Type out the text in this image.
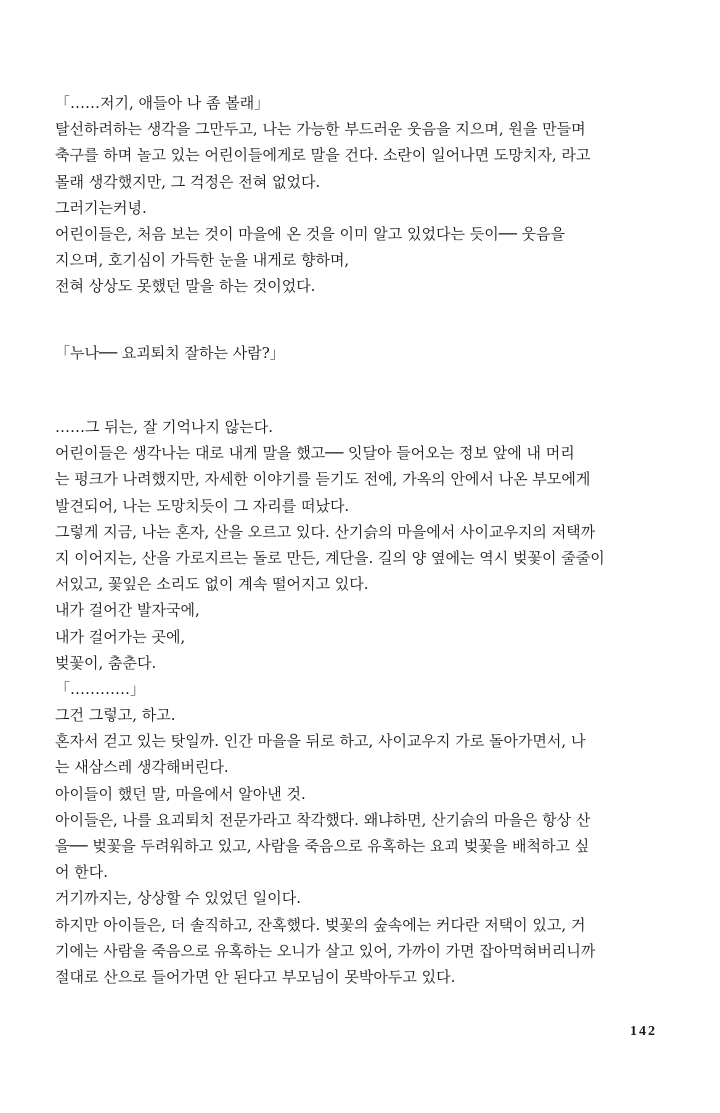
「……저기, 애들아 나 좀 볼래」
탈선하려하는 생각을 그만두고, 나는 가능한 부드러운 웃음을 지으며, 원을 만들며
축구를 하며 놀고 있는 어린이들에게로 말을 건다. 소란이 일어나면 도망치자, 라고
몰래 생각했지만, 그 걱정은 전혀 없었다.
그러기는커녕.
어린이들은, 처음 보는 것이 마을에 온 것을 이미 알고 있었다는 듯이── 웃음을
지으며, 호기심이 가득한 눈을 내게로 향하며,
전혀 상상도 못했던 말을 하는 것이었다.
「누나── 요괴퇴치 잘하는 사람?」
……그 뒤는, 잘 기억나지 않는다.
어린이들은 생각나는 대로 내게 말을 했고── 잇달아 들어오는 정보 앞에 내 머리
는 펑크가 나려했지만, 자세한 이야기를 듣기도 전에, 가옥의 안에서 나온 부모에게
발견되어, 나는 도망치듯이 그 자리를 떠났다.
그렇게 지금, 나는 혼자, 산을 오르고 있다. 산기슭의 마을에서 사이교우지의 저택까
지 이어지는, 산을 가로지르는 돌로 만든, 계단을. 길의 양 옆에는 역시 벚꽃이 줄줄이
서있고, 꽃잎은 소리도 없이 계속 떨어지고 있다.
내가 걸어간 발자국에,
내가 걸어가는 곳에,
벚꽃이, 춤춘다.
「…………」
그건 그렇고, 하고.
혼자서 걷고 있는 탓일까. 인간 마을을 뒤로 하고, 사이교우지 가로 돌아가면서, 나
는 새삼스레 생각해버린다.
아이들이 했던 말, 마을에서 알아낸 것.
아이들은, 나를 요괴퇴치 전문가라고 착각했다. 왜냐하면, 산기슭의 마을은 항상 산
을── 벚꽃을 두려워하고 있고, 사람을 죽음으로 유혹하는 요괴 벚꽃을 배척하고 싶
어 한다.
거기까지는, 상상할 수 있었던 일이다.
하지만 아이들은, 더 솔직하고, 잔혹했다. 벚꽃의 숲속에는 커다란 저택이 있고, 거
기에는 사람을 죽음으로 유혹하는 오니가 살고 있어, 가까이 가면 잡아먹혀버리니까
절대로 산으로 들어가면 안 된다고 부모님이 못박아두고 있다.
142
